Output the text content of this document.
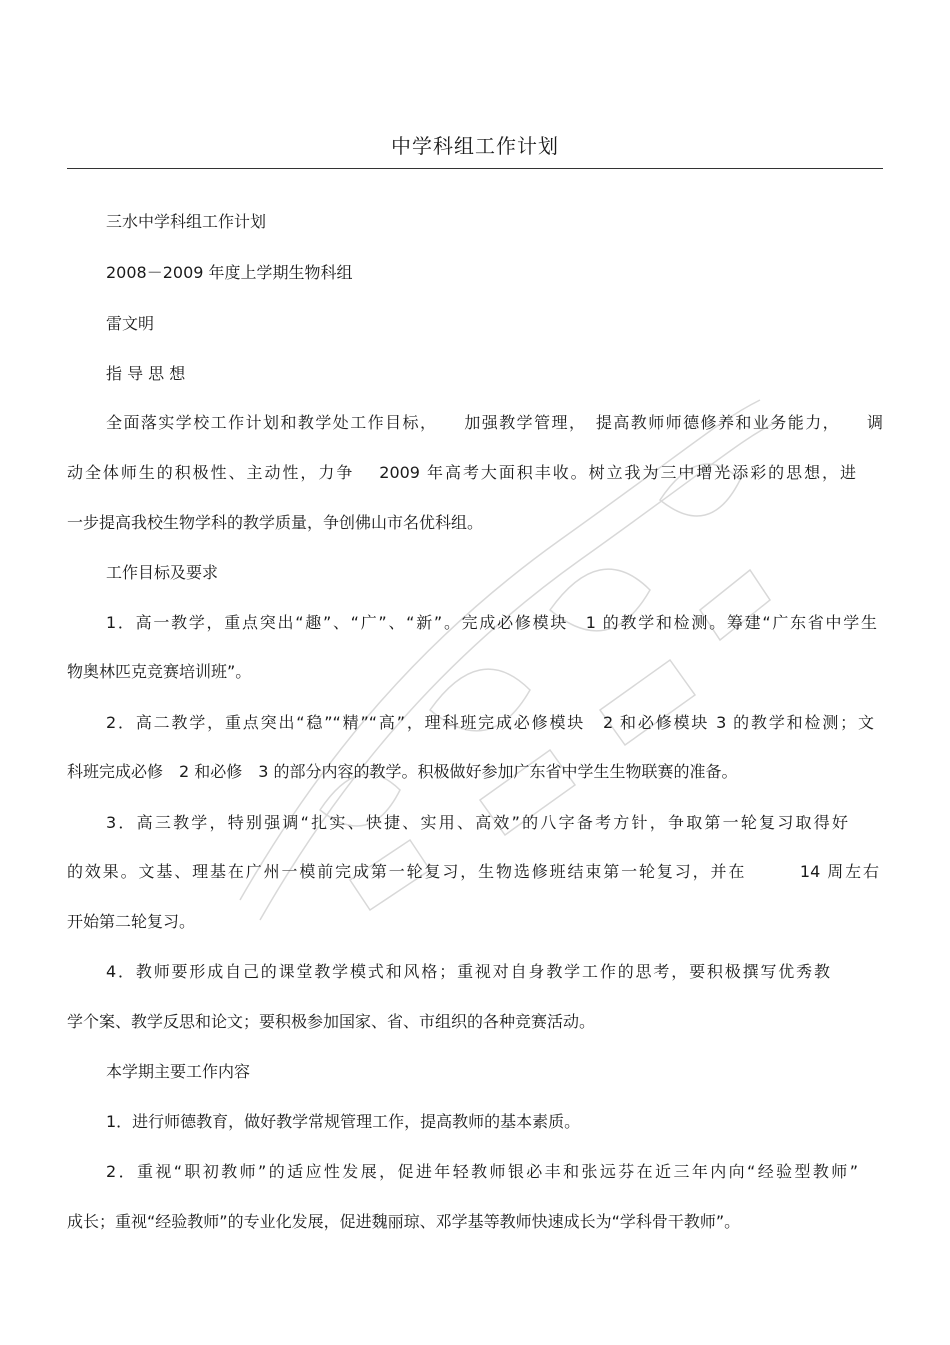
中学科组工作计划
三水中学科组工作计划
2008－2009 年度上学期生物科组
雷文明
指 导 思 想
全面落实学校工作计划和教学处工作目标，　　加强教学管理，　提高教师师德修养和业务能力，　　调
动全体师生的积极性、主动性，力争　 2009 年高考大面积丰收。树立我为三中增光添彩的思想，进
一步提高我校生物学科的教学质量，争创佛山市名优科组。
工作目标及要求
1．高一教学，重点突出“趣”、“广”、“新”。完成必修模块　1 的教学和检测。筹建“广东省中学生
物奥林匹克竞赛培训班”。
2．高二教学，重点突出“稳”“精”“高”，理科班完成必修模块　2 和必修模块 3 的教学和检测；文
科班完成必修　2 和必修　3 的部分内容的教学。积极做好参加广东省中学生生物联赛的准备。
3．高三教学，特别强调“扎实、快捷、实用、高效”的八字备考方针，争取第一轮复习取得好
的效果。文基、理基在广州一模前完成第一轮复习，生物选修班结束第一轮复习，并在　　　14 周左右
开始第二轮复习。
4．教师要形成自己的课堂教学模式和风格；重视对自身教学工作的思考，要积极撰写优秀教
学个案、教学反思和论文；要积极参加国家、省、市组织的各种竞赛活动。
本学期主要工作内容
1．进行师德教育，做好教学常规管理工作，提高教师的基本素质。
2．重视“职初教师”的适应性发展，促进年轻教师银必丰和张远芬在近三年内向“经验型教师”
成长；重视“经验教师”的专业化发展，促进魏丽琼、邓学基等教师快速成长为“学科骨干教师”。
